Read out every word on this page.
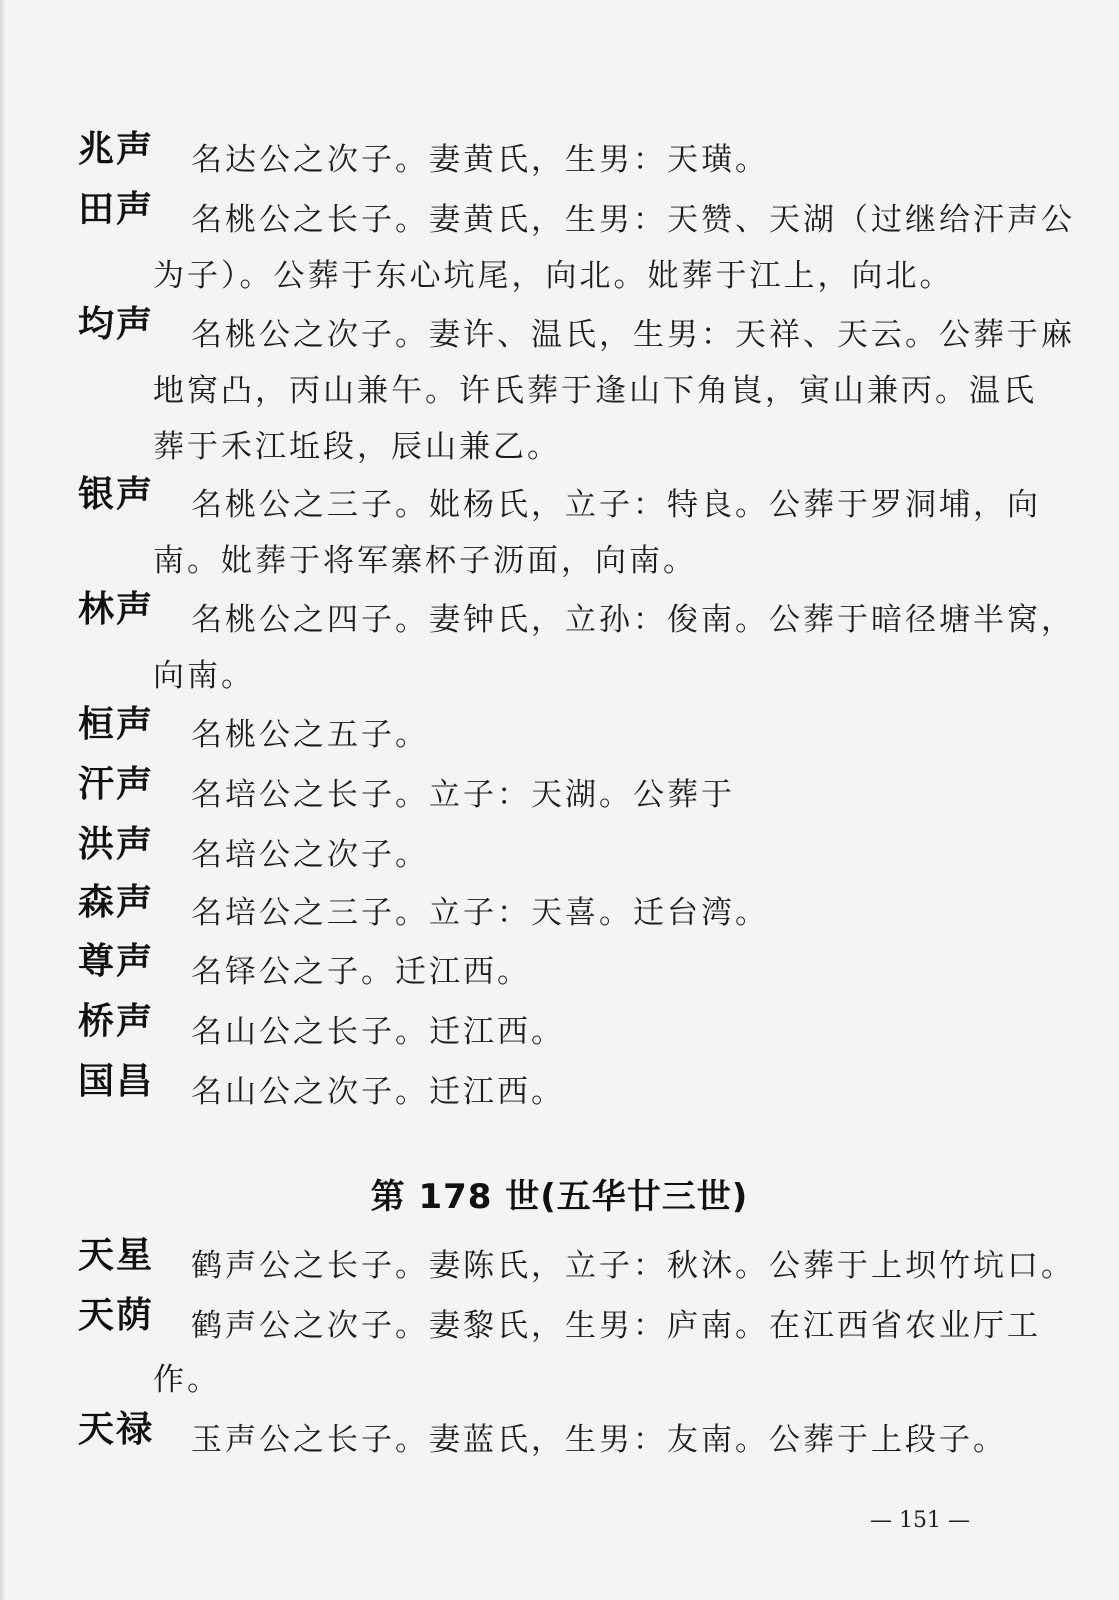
兆声 名达公之次子。妻黄氏，生男：天璜。
田声 名桃公之长子。妻黄氏，生男：天赞、天湖（过继给汗声公
为子）。公葬于东心坑尾，向北。妣葬于江上，向北。
均声 名桃公之次子。妻许、温氏，生男：天祥、天云。公葬于麻
地窝凸，丙山兼午。许氏葬于逢山下角崀，寅山兼丙。温氏
葬于禾江坵段，辰山兼乙。
银声 名桃公之三子。妣杨氏，立子：特良。公葬于罗洞埔，向
南。妣葬于将军寨杯子沥面，向南。
林声 名桃公之四子。妻钟氏，立孙：俊南。公葬于暗径塘半窝，
向南。
桓声 名桃公之五子。
汗声 名培公之长子。立子：天湖。公葬于
洪声 名培公之次子。
森声 名培公之三子。立子：天喜。迁台湾。
尊声 名铎公之子。迁江西。
桥声 名山公之长子。迁江西。
国昌 名山公之次子。迁江西。
第 178 世(五华廿三世)
天星 鹤声公之长子。妻陈氏，立子：秋沐。公葬于上坝竹坑口。
天荫 鹤声公之次子。妻黎氏，生男：庐南。在江西省农业厅工
作。
天禄 玉声公之长子。妻蓝氏，生男：友南。公葬于上段子。
— 151 —
